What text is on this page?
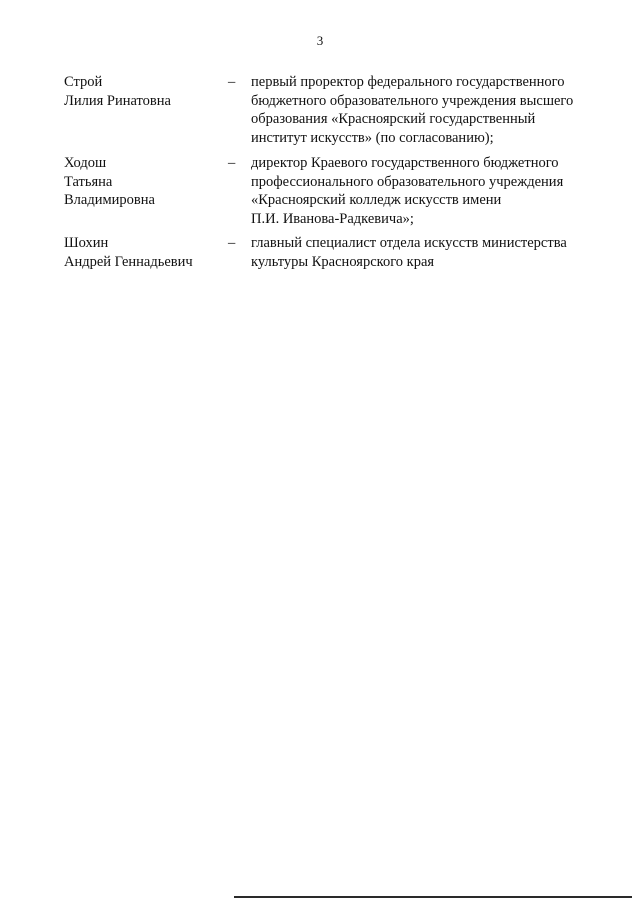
3
Строй
Лилия Ринатовна
– первый проректор федерального государственного
бюджетного образовательного учреждения высшего
образования «Красноярский государственный
институт искусств» (по согласованию);
Ходош
Татьяна
Владимировна
– директор Краевого государственного бюджетного
профессионального образовательного учреждения
«Красноярский колледж искусств имени
П.И. Иванова-Радкевича»;
Шохин
Андрей Геннадьевич
– главный специалист отдела искусств министерства
культуры Красноярского края
